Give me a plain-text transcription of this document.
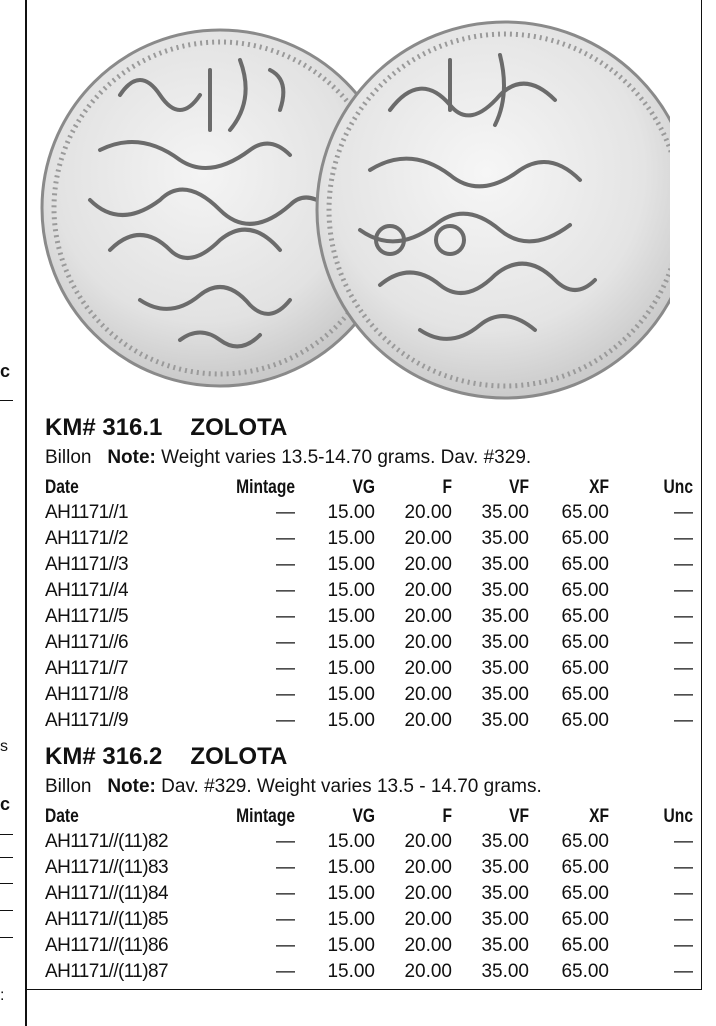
c
s
c
:
KM# 316.1 ZOLOTA
Billon Note: Weight varies 13.5-14.70 grams. Dav. #329.
Date	Mintage	VG	F	VF	XF	Unc
AH1171//1	—	15.00	20.00	35.00	65.00	—
AH1171//2	—	15.00	20.00	35.00	65.00	—
AH1171//3	—	15.00	20.00	35.00	65.00	—
AH1171//4	—	15.00	20.00	35.00	65.00	—
AH1171//5	—	15.00	20.00	35.00	65.00	—
AH1171//6	—	15.00	20.00	35.00	65.00	—
AH1171//7	—	15.00	20.00	35.00	65.00	—
AH1171//8	—	15.00	20.00	35.00	65.00	—
AH1171//9	—	15.00	20.00	35.00	65.00	—
KM# 316.2 ZOLOTA
Billon Note: Dav. #329. Weight varies 13.5 - 14.70 grams.
Date	Mintage	VG	F	VF	XF	Unc
AH1171//(11)82	—	15.00	20.00	35.00	65.00	—
AH1171//(11)83	—	15.00	20.00	35.00	65.00	—
AH1171//(11)84	—	15.00	20.00	35.00	65.00	—
AH1171//(11)85	—	15.00	20.00	35.00	65.00	—
AH1171//(11)86	—	15.00	20.00	35.00	65.00	—
AH1171//(11)87	—	15.00	20.00	35.00	65.00	—
